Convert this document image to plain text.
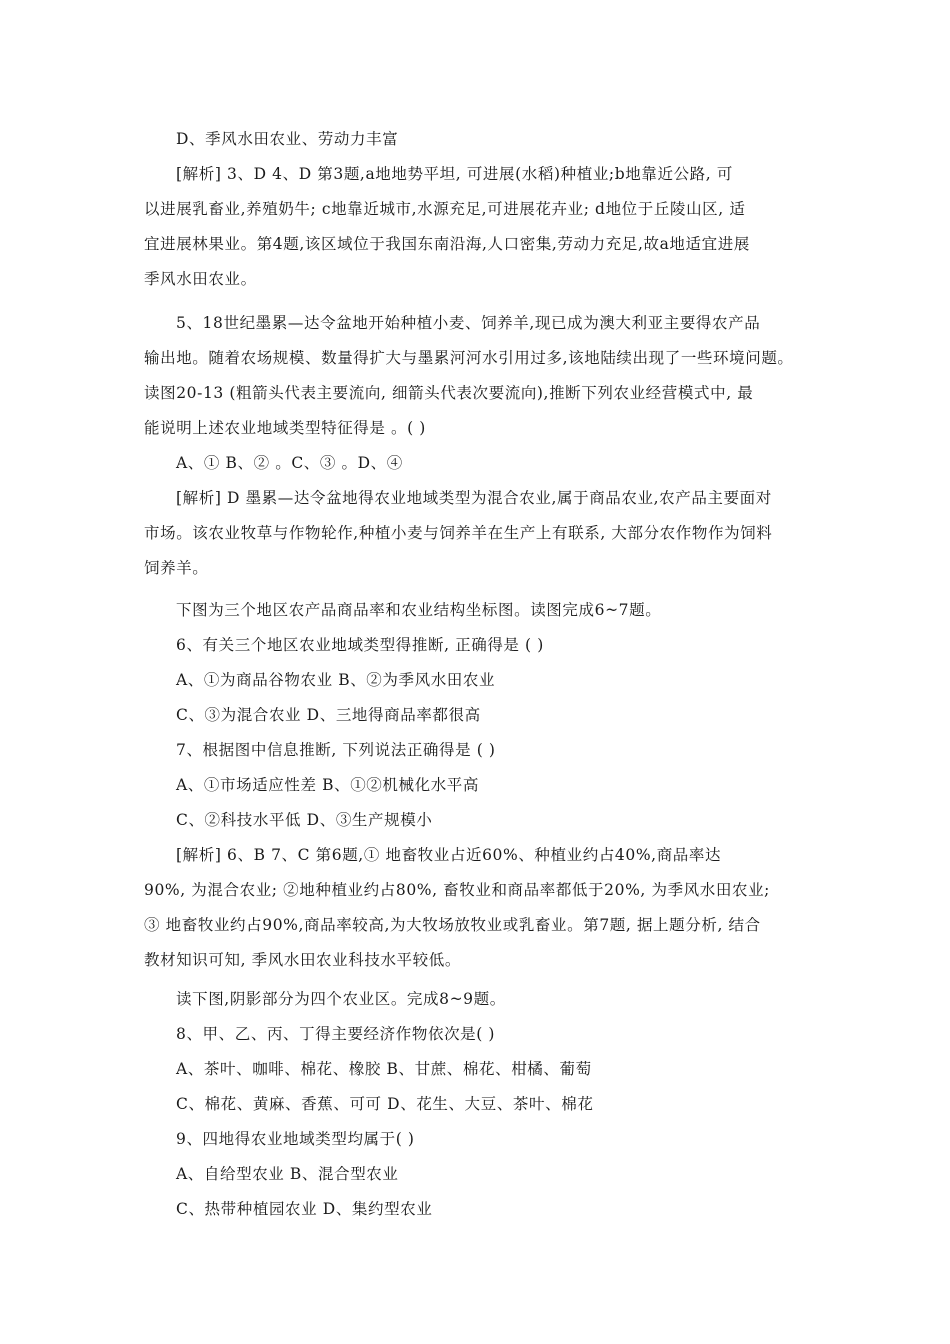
D、季风水田农业、劳动力丰富
[解析] 3、D 4、D 第3题,a地地势平坦, 可进展(水稻)种植业;b地靠近公路, 可
以进展乳畜业,养殖奶牛; c地靠近城市,水源充足,可进展花卉业; d地位于丘陵山区, 适
宜进展林果业。第4题,该区域位于我国东南沿海,人口密集,劳动力充足,故a地适宜进展
季风水田农业。
5、18世纪墨累—达令盆地开始种植小麦、饲养羊,现已成为澳大利亚主要得农产品
输出地。随着农场规模、数量得扩大与墨累河河水引用过多,该地陆续出现了一些环境问题。
读图20-13 (粗箭头代表主要流向, 细箭头代表次要流向),推断下列农业经营模式中, 最
能说明上述农业地域类型特征得是 。( )
A、① B、② 。C、③ 。D、④
[解析] D 墨累—达令盆地得农业地域类型为混合农业,属于商品农业,农产品主要面对
市场。该农业牧草与作物轮作,种植小麦与饲养羊在生产上有联系, 大部分农作物作为饲料
饲养羊。
下图为三个地区农产品商品率和农业结构坐标图。读图完成6~7题。
6、有关三个地区农业地域类型得推断, 正确得是 ( )
A、①为商品谷物农业 B、②为季风水田农业
C、③为混合农业 D、三地得商品率都很高
7、根据图中信息推断, 下列说法正确得是 ( )
A、①市场适应性差 B、①②机械化水平高
C、②科技水平低 D、③生产规模小
[解析] 6、B 7、C 第6题,① 地畜牧业占近60%、种植业约占40%,商品率达
90%, 为混合农业; ②地种植业约占80%, 畜牧业和商品率都低于20%, 为季风水田农业;
③ 地畜牧业约占90%,商品率较高,为大牧场放牧业或乳畜业。第7题, 据上题分析, 结合
教材知识可知, 季风水田农业科技水平较低。
读下图,阴影部分为四个农业区。完成8~9题。
8、甲、乙、丙、丁得主要经济作物依次是( )
A、茶叶、咖啡、棉花、橡胶 B、甘蔗、棉花、柑橘、葡萄
C、棉花、黄麻、香蕉、可可 D、花生、大豆、茶叶、棉花
9、四地得农业地域类型均属于( )
A、自给型农业 B、混合型农业
C、热带种植园农业 D、集约型农业
